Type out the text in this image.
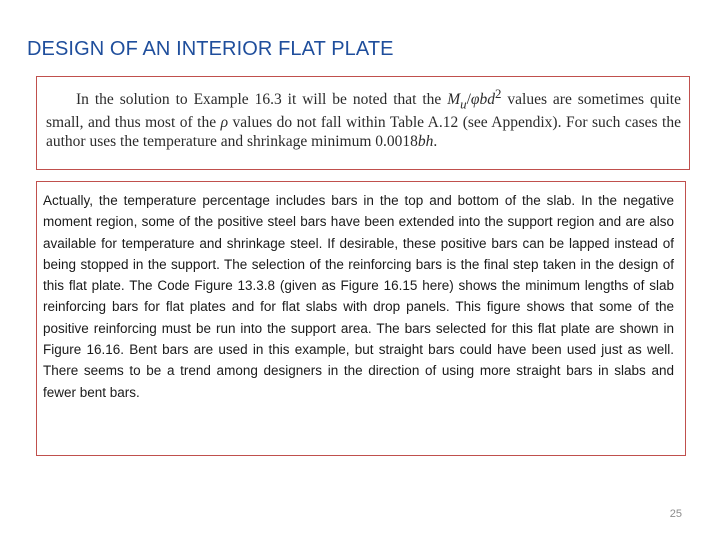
DESIGN OF AN INTERIOR FLAT PLATE

In the solution to Example 16.3 it will be noted that the $M_u/\varphi bd^2$ values are sometimes quite small, and thus most of the ρ values do not fall within Table A.12 (see Appendix). For such cases the author uses the temperature and shrinkage minimum 0.0018bh.

Actually, the temperature percentage includes bars in the top and bottom of the slab. In the negative moment region, some of the positive steel bars have been extended into the support region and are also available for temperature and shrinkage steel. If desirable, these positive bars can be lapped instead of being stopped in the support. The selection of the reinforcing bars is the final step taken in the design of this flat plate. The Code Figure 13.3.8 (given as Figure 16.15 here) shows the minimum lengths of slab reinforcing bars for flat plates and for flat slabs with drop panels. This figure shows that some of the positive reinforcing must be run into the support area. The bars selected for this flat plate are shown in Figure 16.16. Bent bars are used in this example, but straight bars could have been used just as well. There seems to be a trend among designers in the direction of using more straight bars in slabs and fewer bent bars.

25
